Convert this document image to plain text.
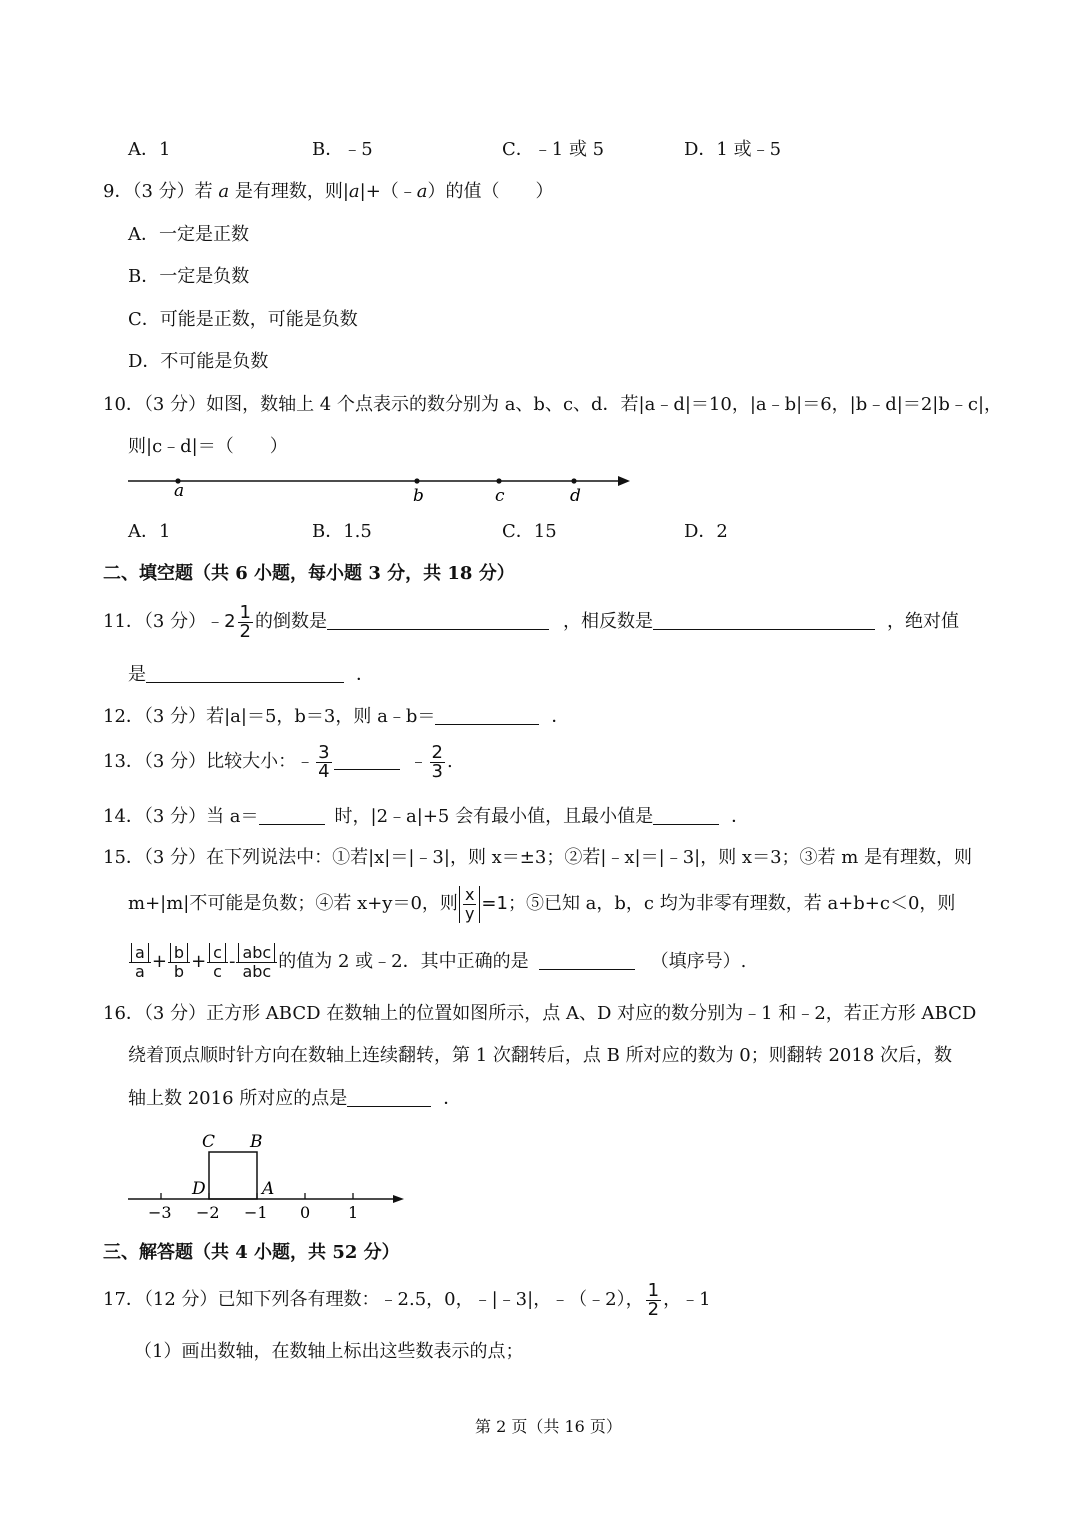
A．1	B．﹣5	C．﹣1 或 5	D．1 或﹣5
9．（3 分）若 a 是有理数，则|a|+（﹣a）的值（　　）
A．一定是正数
B．一定是负数
C．可能是正数，可能是负数
D．不可能是负数
10．（3 分）如图，数轴上 4 个点表示的数分别为 a、b、c、d．若|a﹣d|＝10，|a﹣b|＝6，|b﹣d|＝2|b﹣c|，
则|c﹣d|＝（　　）
a	b	c	d
A．1	B．1.5	C．15	D．2
二、填空题（共 6 小题，每小题 3 分，共 18 分）
11．（3 分）﹣2 $\frac{1}{2}$ 的倒数是	，相反数是	，绝对值
是	．
12．（3 分）若|a|＝5，b＝3，则 a﹣b＝	．
13．（3 分）比较大小：﹣ $\frac{3}{4}$	﹣ $\frac{2}{3}$ .
14．（3 分）当 a＝	时，|2﹣a|+5 会有最小值，且最小值是	．
15．（3 分）在下列说法中：①若|x|＝|﹣3|，则 x＝±3；②若|﹣x|＝|﹣3|，则 x＝3；③若 m 是有理数，则
m+|m|不可能是负数；④若 x+y＝0，则 $\frac{x}{y} =1$；⑤已知 a，b，c 均为非零有理数，若 a+b+c＜0，则
$\frac{a}{a} + \frac{b}{b} + \frac{c}{c}$ - abc
abc 的值为 2 或﹣2．其中正确的是	（填序号）.
16．（3 分）正方形 ABCD 在数轴上的位置如图所示，点 A、D 对应的数分别为﹣1 和﹣2，若正方形 ABCD
绕着顶点顺时针方向在数轴上连续翻转，第 1 次翻转后，点 B 所对应的数为 0；则翻转 2018 次后，数
轴上数 2016 所对应的点是	．
C B
D	A
−3 −2 −1 0 1
三、解答题（共 4 小题，共 52 分）
17．（12 分）已知下列各有理数：﹣2.5，0，﹣|﹣3|，﹣（﹣2）， $\frac{1}{2}$ ，﹣1
（1）画出数轴，在数轴上标出这些数表示的点；
第 2 页（共 16 页）
